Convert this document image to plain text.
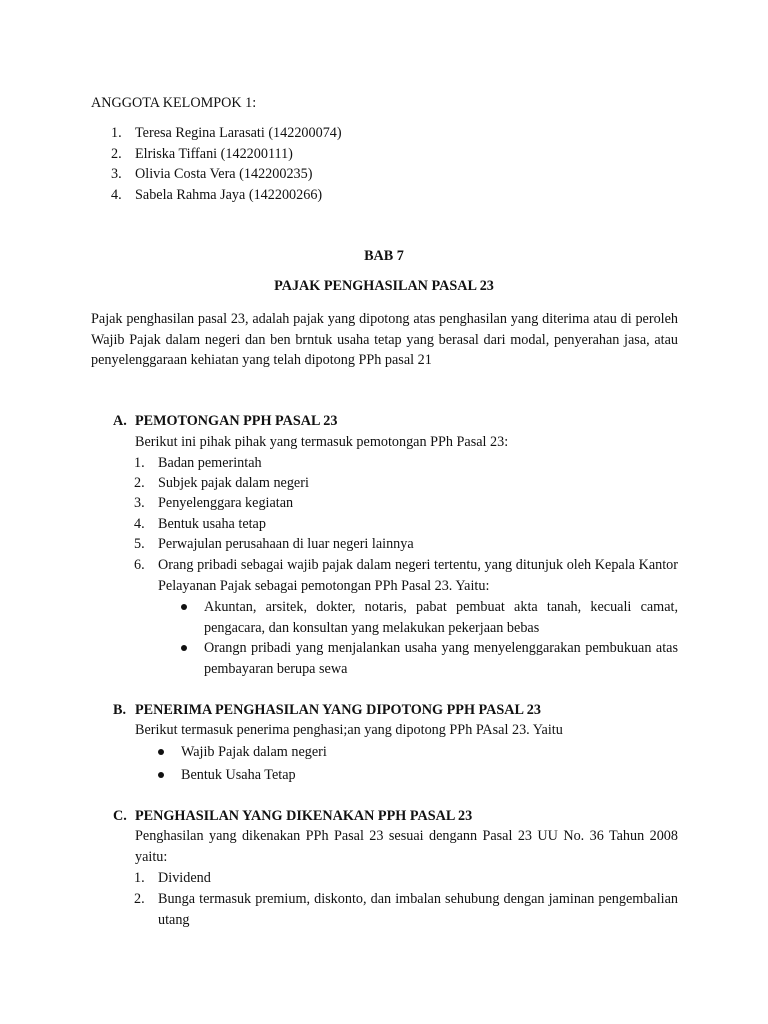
ANGGOTA KELOMPOK 1:
1. Teresa Regina Larasati (142200074)
2. Elriska Tiffani (142200111)
3. Olivia Costa Vera (142200235)
4. Sabela Rahma Jaya (142200266)
BAB 7
PAJAK PENGHASILAN PASAL 23
Pajak penghasilan pasal 23, adalah pajak yang dipotong atas penghasilan yang diterima atau di peroleh Wajib Pajak dalam negeri dan ben brntuk usaha tetap yang berasal dari modal, penyerahan jasa, atau penyelenggaraan kehiatan yang telah dipotong PPh pasal 21
A. PEMOTONGAN PPH PASAL 23
Berikut ini pihak pihak yang termasuk pemotongan PPh Pasal 23:
1. Badan pemerintah
2. Subjek pajak dalam negeri
3. Penyelenggara kegiatan
4. Bentuk usaha tetap
5. Perwajulan perusahaan di luar negeri lainnya
6. Orang pribadi sebagai wajib pajak dalam negeri tertentu, yang ditunjuk oleh Kepala Kantor Pelayanan Pajak sebagai pemotongan PPh Pasal 23. Yaitu:
Akuntan, arsitek, dokter, notaris, pabat pembuat akta tanah, kecuali camat, pengacara, dan konsultan yang melakukan pekerjaan bebas
Orangn pribadi yang menjalankan usaha yang menyelenggarakan pembukuan atas pembayaran berupa sewa
B. PENERIMA PENGHASILAN YANG DIPOTONG PPH PASAL 23
Berikut termasuk penerima penghasi;an yang dipotong PPh PAsal 23. Yaitu
Wajib Pajak dalam negeri
Bentuk Usaha Tetap
C. PENGHASILAN YANG DIKENAKAN PPH PASAL 23
Penghasilan yang dikenakan PPh Pasal 23 sesuai dengann Pasal 23 UU No. 36 Tahun 2008 yaitu:
1. Dividend
2. Bunga termasuk premium, diskonto, dan imbalan sehubung dengan jaminan pengembalian utang
